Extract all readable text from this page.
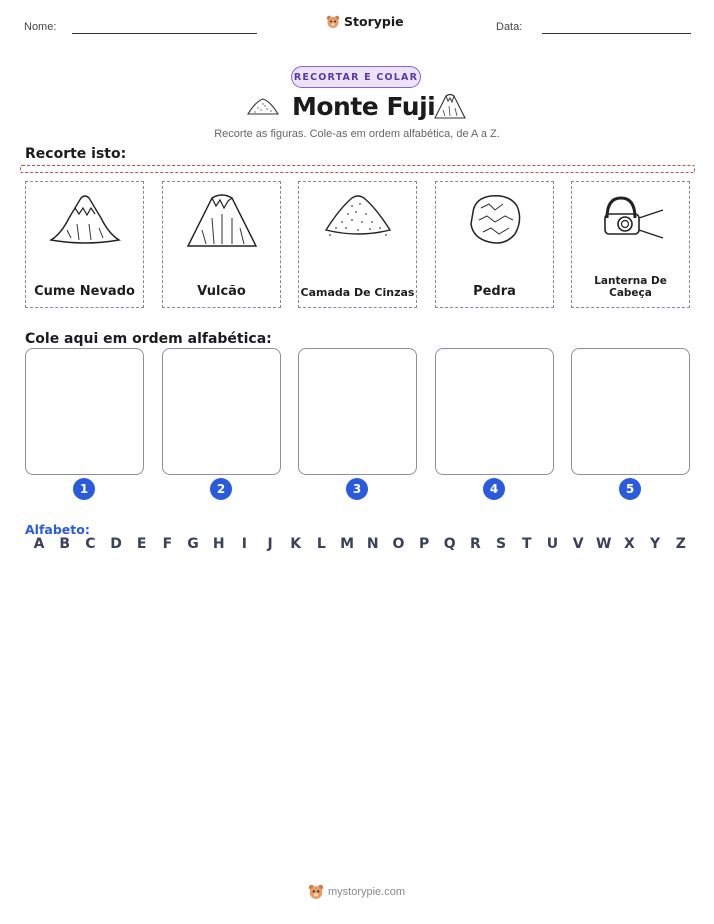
Nome:	Storypie	Data:
RECORTAR E COLAR
Monte Fuji
Recorte as figuras. Cole-as em ordem alfabética, de A a Z.
Recorte isto:
Cume Nevado	Vulcão	Camada De Cinzas	Pedra
Lanterna De Cabeça
Cole aqui em ordem alfabética:
1	2	3	4	5
Alfabeto:
A B C D	E	F	G H	I	J	K	L	M N O P Q R S	T	U V W X Y Z
mystorypie.com
